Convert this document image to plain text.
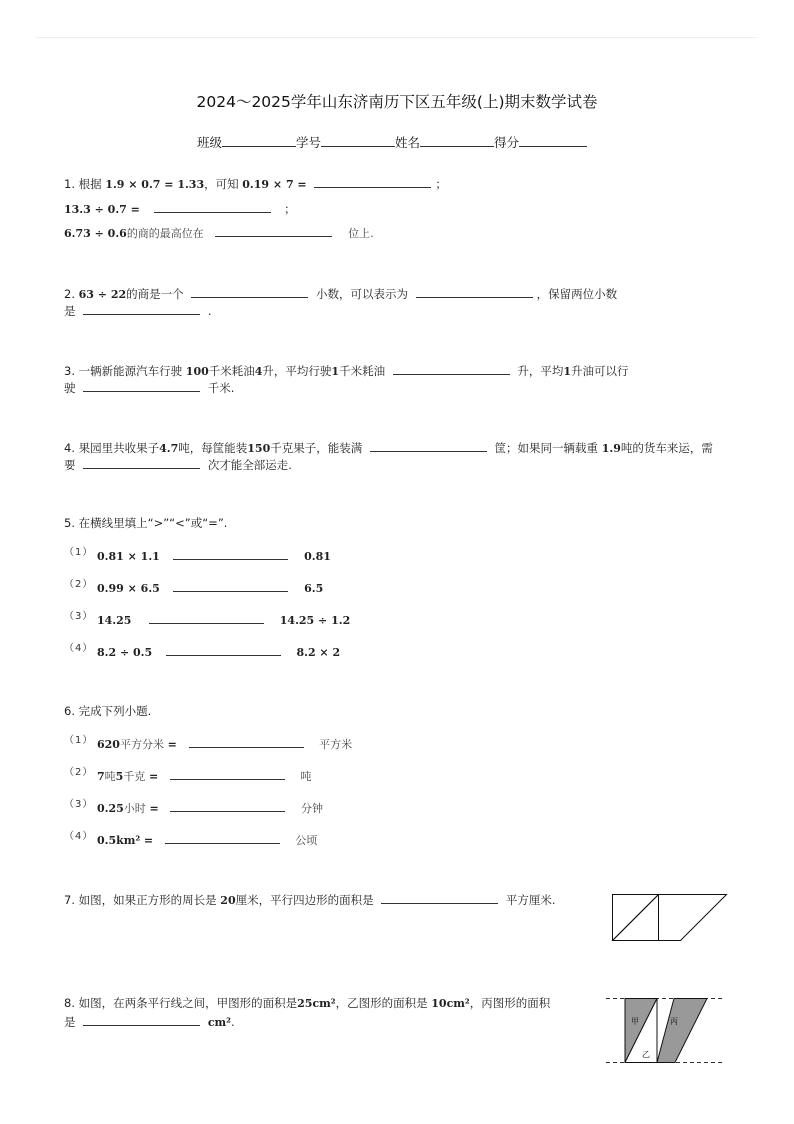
2024～2025学年山东济南历下区五年级(上)期末数学试卷
班级	学号	姓名	得分
1. 根据 1.9 × 0.7 = 1.33，可知 0.19 × 7 =	；
13.3 ÷ 0.7 =	；
6.73 ÷ 0.6的商的最高位在	位上.
2. 63 ÷ 22的商是一个	小数，可以表示为	，保留两位小数
是	.
3. 一辆新能源汽车行驶 100千米耗油4升，平均行驶1千米耗油	升，平均1升油可以行
驶	千米.
4. 果园里共收果子4.7吨，每筐能装150千克果子，能装满	筐；如果同一辆载重 1.9吨的货车来运，需
要	次才能全部运走.
5. 在横线里填上“>”“<”或“=”.
（1） 0.81 × 1.1	0.81
（2） 0.99 × 6.5	6.5
（3） 14.25	14.25 ÷ 1.2
（4） 8.2 ÷ 0.5	8.2 × 2
6. 完成下列小题.
（1） 620平方分米 =	平方米
（2） 7吨5千克 =	吨
（3） 0.25小时 =	分钟
（4） 0.5km² =	公顷
7. 如图，如果正方形的周长是 20厘米，平行四边形的面积是	平方厘米.
8. 如图，在两条平行线之间，甲图形的面积是25cm²，乙图形的面积是 10cm²，丙图形的面积
是	cm².	甲
乙
丙
